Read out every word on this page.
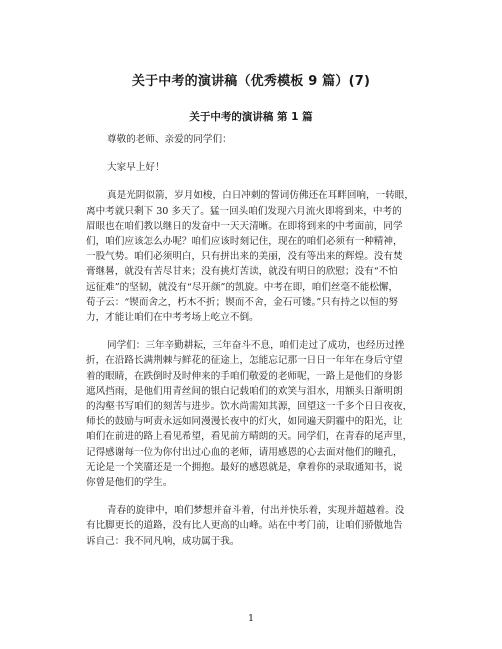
关于中考的演讲稿（优秀模板 9 篇）(7)
关于中考的演讲稿 第 1 篇
尊敬的老师、亲爱的同学们：
大家早上好！
真是光阴似箭，岁月如梭，白日冲刺的誓词仿佛还在耳畔回响，一转眼，
离中考就只剩下 30 多天了。猛一回头咱们发现六月流火即将到来，中考的
眉眼也在咱们教以继日的发奋中一天天清晰。在即将到来的中考面前，同学
们，咱们应该怎么办呢？咱们应该时刻记住，现在的咱们必须有一种精神，
一股气势。咱们必须明白，只有拼出来的美丽，没有等出来的辉煌。没有焚
膏继晷，就没有苦尽甘来；没有挑灯苦读，就没有明日的欣慰；没有“不怕
远征难”的坚韧，就没有“尽开颜”的凯旋。中考在即，咱们丝毫不能松懈，
荀子云：“锲而舍之，朽木不折；锲而不舍，金石可镂。”只有持之以恒的努
力，才能让咱们在中考考场上屹立不倒。
同学们：三年辛勤耕耘，三年奋斗不息，咱们走过了成功，也经历过挫
折，在沿路长满荆棘与鲜花的征途上，怎能忘记那一日日一年年在身后守望
着的眼睛，在跌倒时及时伸来的手咱们敬爱的老师呢，一路上是他们的身影
遮风挡雨，是他们用青丝间的银白记载咱们的欢笑与泪水，用额头日渐明朗
的沟壑书写咱们的刻苦与进步。饮水尚需知其源，回望这一千多个日日夜夜，
师长的鼓励与呵责永远如同漫漫长夜中的灯火，如同遍天阴霾中的阳光，让
咱们在前进的路上看见希望，看见前方晴朗的天。同学们，在青春的尾声里，
记得感谢每一位为你付出过心血的老师，请用感恩的心去面对他们的瞳孔，
无论是一个笑靥还是一个拥抱。最好的感恩就是，拿着你的录取通知书，说
你曾是他们的学生。
青春的旋律中，咱们梦想并奋斗着，付出并快乐着，实现并超越着。没
有比脚更长的道路，没有比人更高的山峰。站在中考门前，让咱们骄傲地告
诉自己：我不同凡响，成功属于我。
1
